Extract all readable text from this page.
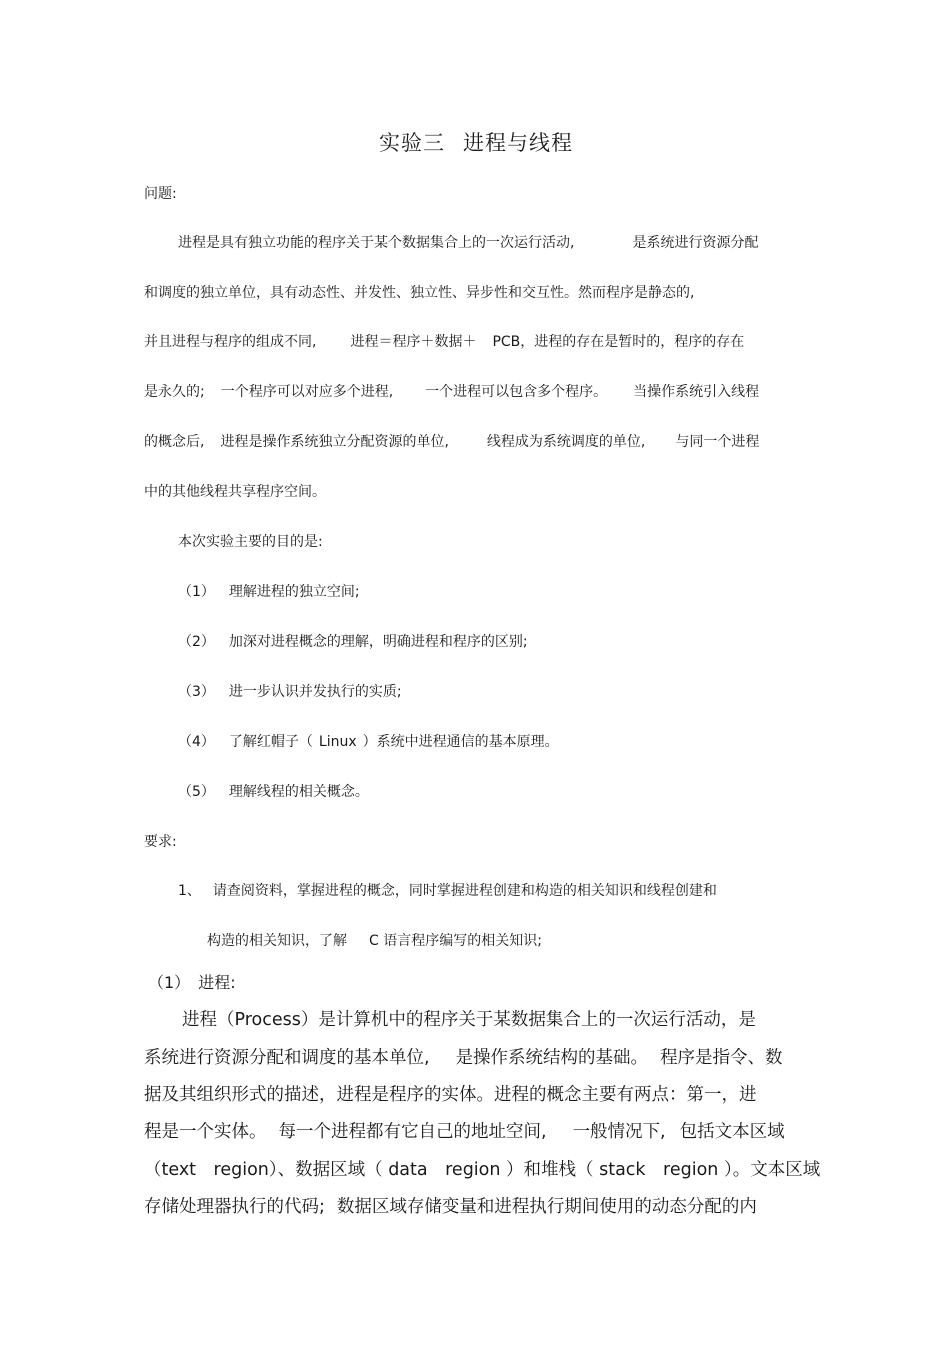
实验三 进程与线程
问题:
进程是具有独立功能的程序关于某个数据集合上的一次运行活动,	是系统进行资源分配
和调度的独立单位，具有动态性、并发性、独立性、异步性和交互性。然而程序是静态的,
并且进程与程序的组成不同, 进程＝程序＋数据＋ PCB，进程的存在是暂时的，程序的存在
是永久的; 一个程序可以对应多个进程, 一个进程可以包含多个程序。 当操作系统引入线程
的概念后, 进程是操作系统独立分配资源的单位,	线程成为系统调度的单位, 与同一个进程
中的其他线程共享程序空间。
本次实验主要的目的是:
（1） 理解进程的独立空间;
（2） 加深对进程概念的理解，明确进程和程序的区别;
（3） 进一步认识并发执行的实质;
（4） 了解红帽子（ Linux ）系统中进程通信的基本原理。
（5） 理解线程的相关概念。
要求:
1、 请查阅资料，掌握进程的概念，同时掌握进程创建和构造的相关知识和线程创建和
构造的相关知识，了解 C 语言程序编写的相关知识;
（1） 进程:
进程（Process）是计算机中的程序关于某数据集合上的一次运行活动，是
系统进行资源分配和调度的基本单位, 是操作系统结构的基础。 程序是指令、数
据及其组织形式的描述，进程是程序的实体。进程的概念主要有两点：第一，进
程是一个实体。 每一个进程都有它自己的地址空间, 一般情况下, 包括文本区域
（text　region）、数据区域（ data　region ）和堆栈（ stack　region ）。文本区域
存储处理器执行的代码; 数据区域存储变量和进程执行期间使用的动态分配的内
